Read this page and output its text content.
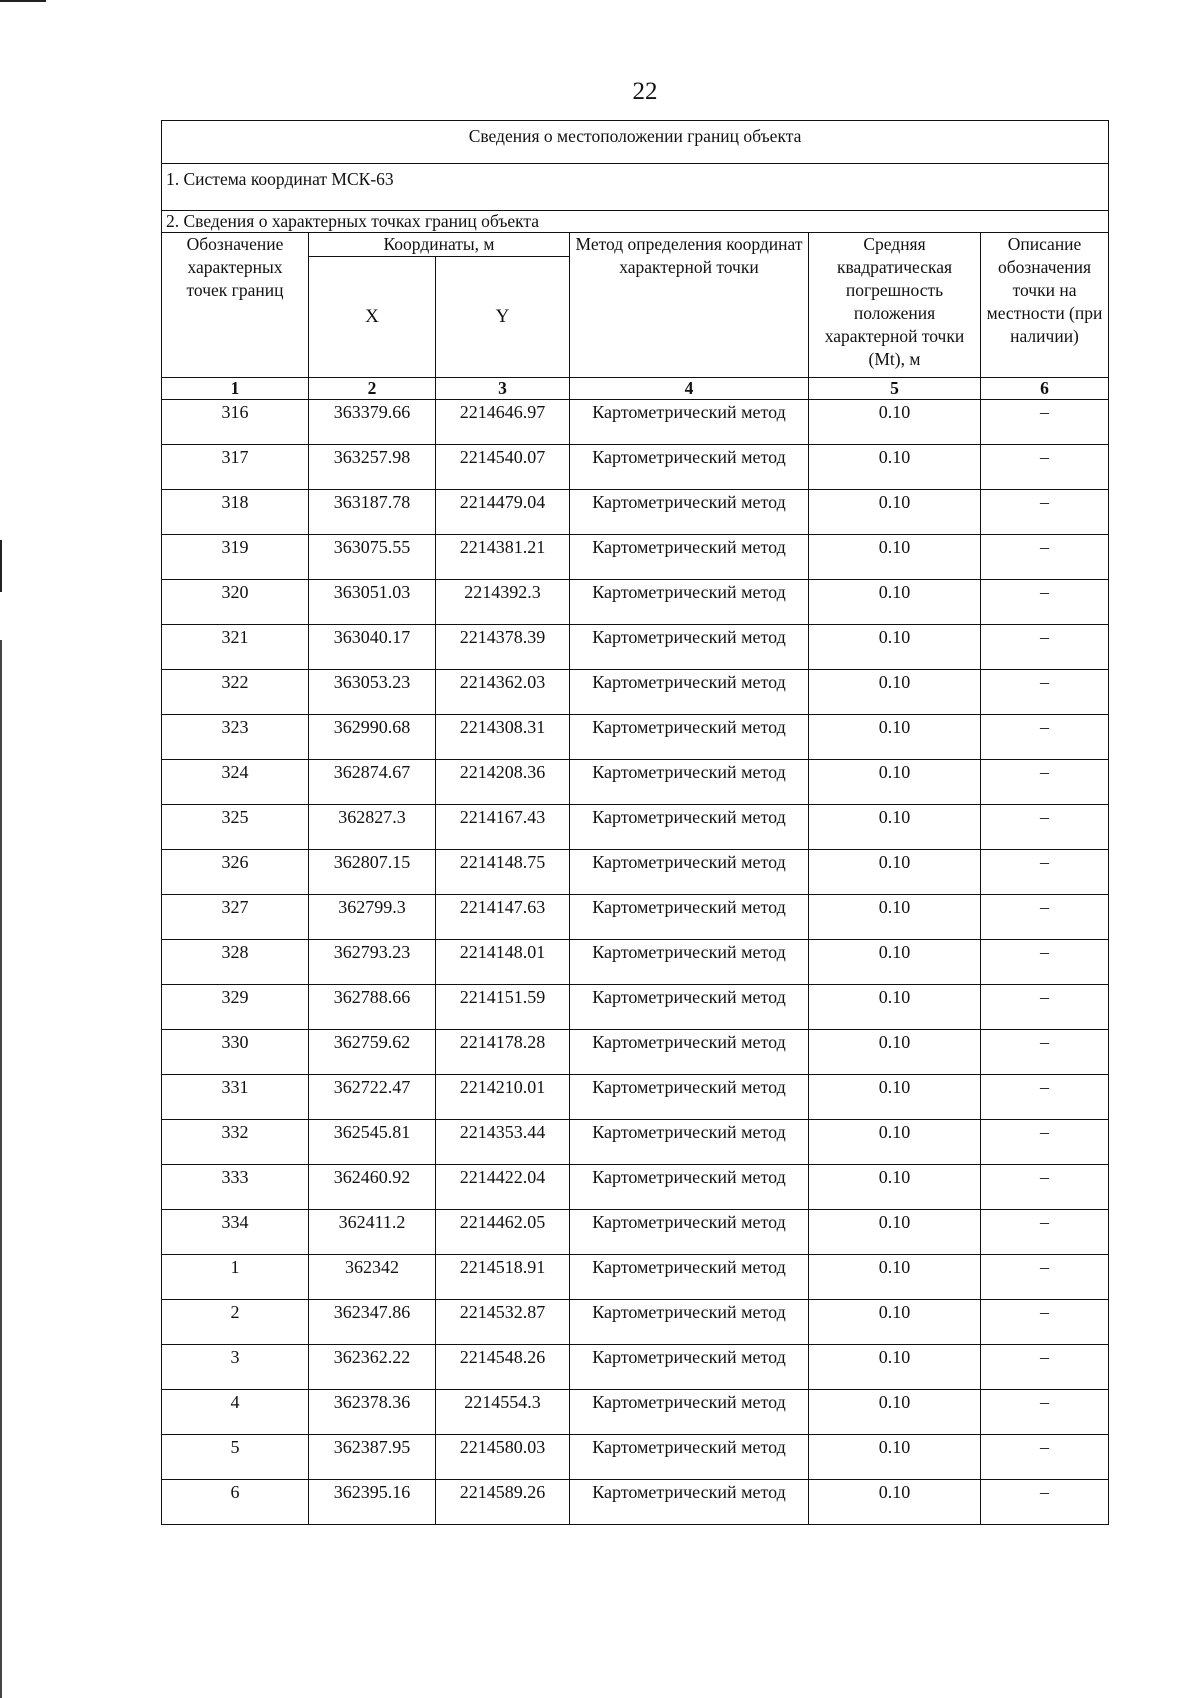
22
Сведения о местоположении границ объекта					
1. Система координат МСК-63					
2. Сведения о характерных точках границ объекта					
Обозначение характерных точек границ	Координаты, м		Метод определения координат характерной точки	Средняя квадратическая погрешность положения характерной точки (Mt), м	Описание обозначения точки на местности (при наличии)
	X	Y			
1	2	3	4	5	6
316	363379.66	2214646.97	Картометрический метод	0.10	–
317	363257.98	2214540.07	Картометрический метод	0.10	–
318	363187.78	2214479.04	Картометрический метод	0.10	–
319	363075.55	2214381.21	Картометрический метод	0.10	–
320	363051.03	2214392.3	Картометрический метод	0.10	–
321	363040.17	2214378.39	Картометрический метод	0.10	–
322	363053.23	2214362.03	Картометрический метод	0.10	–
323	362990.68	2214308.31	Картометрический метод	0.10	–
324	362874.67	2214208.36	Картометрический метод	0.10	–
325	362827.3	2214167.43	Картометрический метод	0.10	–
326	362807.15	2214148.75	Картометрический метод	0.10	–
327	362799.3	2214147.63	Картометрический метод	0.10	–
328	362793.23	2214148.01	Картометрический метод	0.10	–
329	362788.66	2214151.59	Картометрический метод	0.10	–
330	362759.62	2214178.28	Картометрический метод	0.10	–
331	362722.47	2214210.01	Картометрический метод	0.10	–
332	362545.81	2214353.44	Картометрический метод	0.10	–
333	362460.92	2214422.04	Картометрический метод	0.10	–
334	362411.2	2214462.05	Картометрический метод	0.10	–
1	362342	2214518.91	Картометрический метод	0.10	–
2	362347.86	2214532.87	Картометрический метод	0.10	–
3	362362.22	2214548.26	Картометрический метод	0.10	–
4	362378.36	2214554.3	Картометрический метод	0.10	–
5	362387.95	2214580.03	Картометрический метод	0.10	–
6	362395.16	2214589.26	Картометрический метод	0.10	–
